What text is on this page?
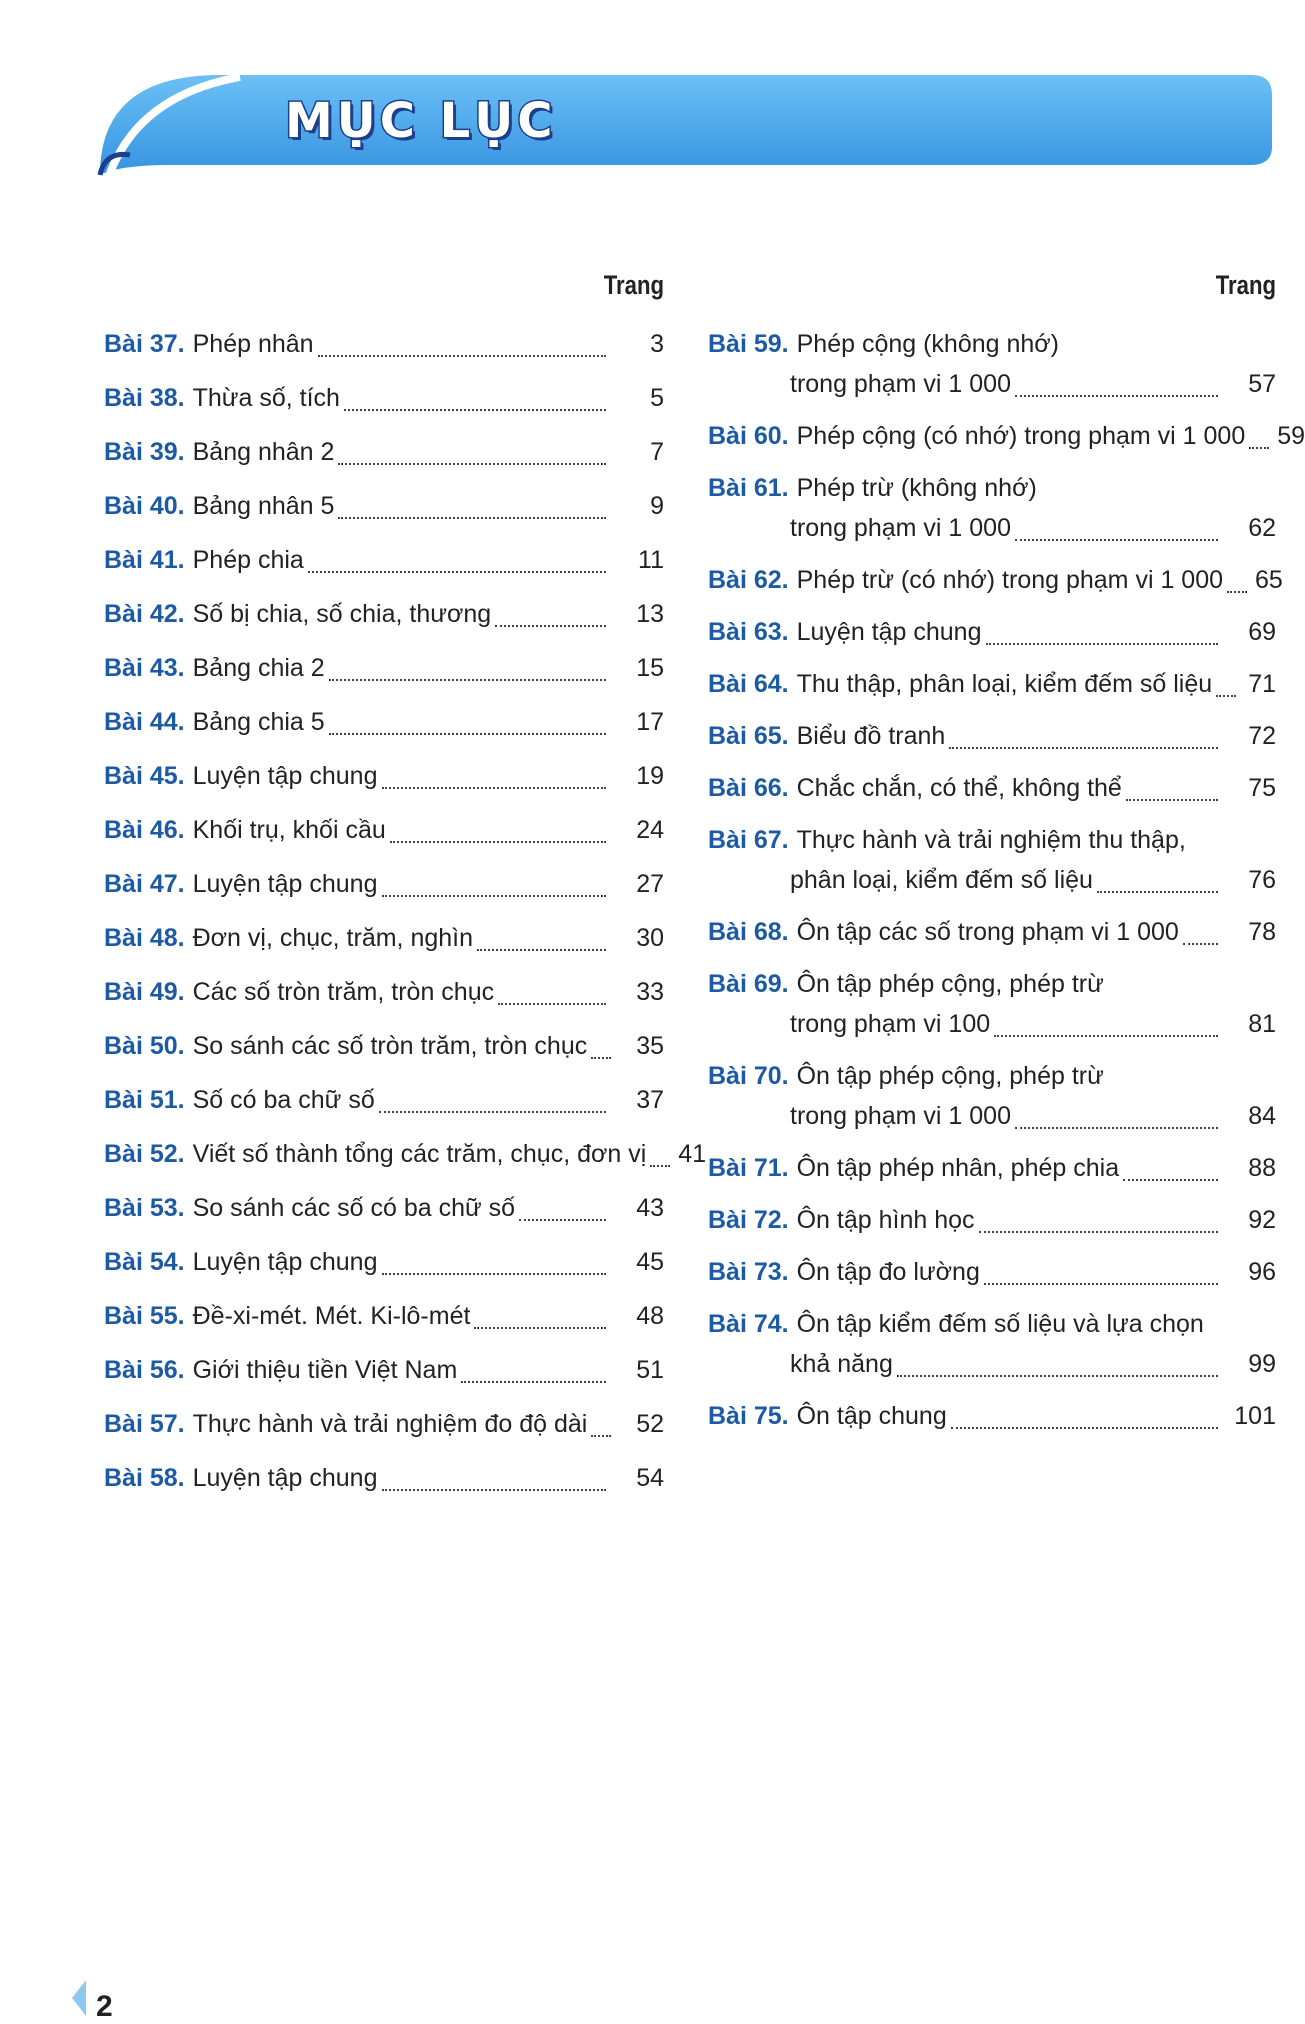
MỤC LỤC
Trang
Bài 37. Phép nhân	3
Bài 38. Thừa số, tích	5
Bài 39. Bảng nhân 2	7
Bài 40. Bảng nhân 5	9
Bài 41. Phép chia	11
Bài 42. Số bị chia, số chia, thương	13
Bài 43. Bảng chia 2	15
Bài 44. Bảng chia 5	17
Bài 45. Luyện tập chung	19
Bài 46. Khối trụ, khối cầu	24
Bài 47. Luyện tập chung	27
Bài 48. Đơn vị, chục, trăm, nghìn	30
Bài 49. Các số tròn trăm, tròn chục	33
Bài 50. So sánh các số tròn trăm, tròn chục	35
Bài 51. Số có ba chữ số	37
Bài 52. Viết số thành tổng các trăm, chục, đơn vị 41
Bài 53. So sánh các số có ba chữ số	43
Bài 54. Luyện tập chung	45
Bài 55. Đề-xi-mét. Mét. Ki-lô-mét	48
Bài 56. Giới thiệu tiền Việt Nam	51
Bài 57. Thực hành và trải nghiệm đo độ dài	52
Bài 58. Luyện tập chung	54
Trang
Bài 59. Phép cộng (không nhớ)
trong phạm vi 1 000	57
Bài 60. Phép cộng (có nhớ) trong phạm vi 1 000 59
Bài 61. Phép trừ (không nhớ)
trong phạm vi 1 000	62
Bài 62. Phép trừ (có nhớ) trong phạm vi 1 000 65
Bài 63. Luyện tập chung	69
Bài 64. Thu thập, phân loại, kiểm đếm số liệu 71
Bài 65. Biểu đồ tranh	72
Bài 66. Chắc chắn, có thể, không thể	75
Bài 67. Thực hành và trải nghiệm thu thập,
phân loại, kiểm đếm số liệu	76
Bài 68. Ôn tập các số trong phạm vi 1 000	78
Bài 69. Ôn tập phép cộng, phép trừ
trong phạm vi 100	81
Bài 70. Ôn tập phép cộng, phép trừ
trong phạm vi 1 000	84
Bài 71. Ôn tập phép nhân, phép chia	88
Bài 72. Ôn tập hình học	92
Bài 73. Ôn tập đo lường	96
Bài 74. Ôn tập kiểm đếm số liệu và lựa chọn
khả năng	99
Bài 75. Ôn tập chung	101
2
